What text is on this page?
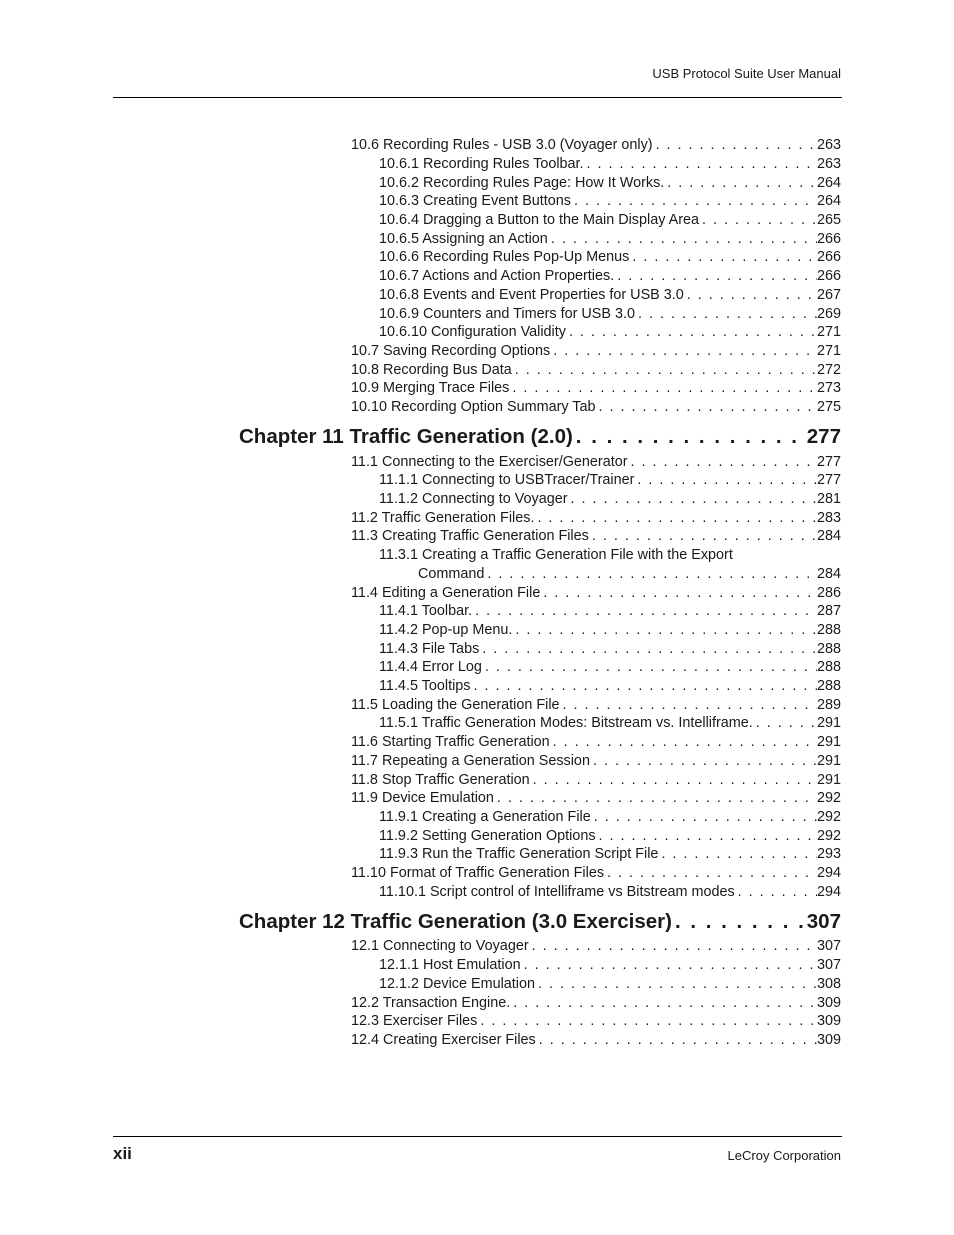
USB Protocol Suite User Manual
10.6 Recording Rules - USB 3.0 (Voyager only) . . .	263
10.6.1 Recording Rules Toolbar. . . .	263
10.6.2 Recording Rules Page: How It Works. . . .	264
10.6.3 Creating Event Buttons . . .	264
10.6.4 Dragging a Button to the Main Display Area . . .	265
10.6.5 Assigning an Action . . .	266
10.6.6 Recording Rules Pop-Up Menus . . .	266
10.6.7 Actions and Action Properties. . . .	266
10.6.8 Events and Event Properties for USB 3.0 . . .	267
10.6.9 Counters and Timers for USB 3.0 . . .	269
10.6.10 Configuration Validity . . .	271
10.7 Saving Recording Options . . .	271
10.8 Recording Bus Data . . .	272
10.9 Merging Trace Files . . .	273
10.10 Recording Option Summary Tab . . .	275
Chapter 11 Traffic Generation (2.0) . . .	277
11.1 Connecting to the Exerciser/Generator . . .	277
11.1.1 Connecting to USBTracer/Trainer . . .	277
11.1.2 Connecting to Voyager . . .	281
11.2 Traffic Generation Files. . . .	283
11.3 Creating Traffic Generation Files . . .	284
11.3.1 Creating a Traffic Generation File with the Export
Command . . .	284
11.4 Editing a Generation File . . .	286
11.4.1 Toolbar. . . .	287
11.4.2 Pop-up Menu. . . .	288
11.4.3 File Tabs . . .	288
11.4.4 Error Log . . .	288
11.4.5 Tooltips . . .	288
11.5 Loading the Generation File . . .	289
11.5.1 Traffic Generation Modes: Bitstream vs. Intelliframe. . . .	291
11.6 Starting Traffic Generation . . .	291
11.7 Repeating a Generation Session . . .	291
11.8 Stop Traffic Generation . . .	291
11.9 Device Emulation . . .	292
11.9.1 Creating a Generation File . . .	292
11.9.2 Setting Generation Options . . .	292
11.9.3 Run the Traffic Generation Script File . . .	293
11.10 Format of Traffic Generation Files . . .	294
11.10.1 Script control of Intelliframe vs Bitstream modes . . .	294
Chapter 12 Traffic Generation (3.0 Exerciser) . . .	307
12.1 Connecting to Voyager . . .	307
12.1.1 Host Emulation . . .	307
12.1.2 Device Emulation . . .	308
12.2 Transaction Engine. . . .	309
12.3 Exerciser Files . . .	309
12.4 Creating Exerciser Files . . .	309
xii	LeCroy Corporation
